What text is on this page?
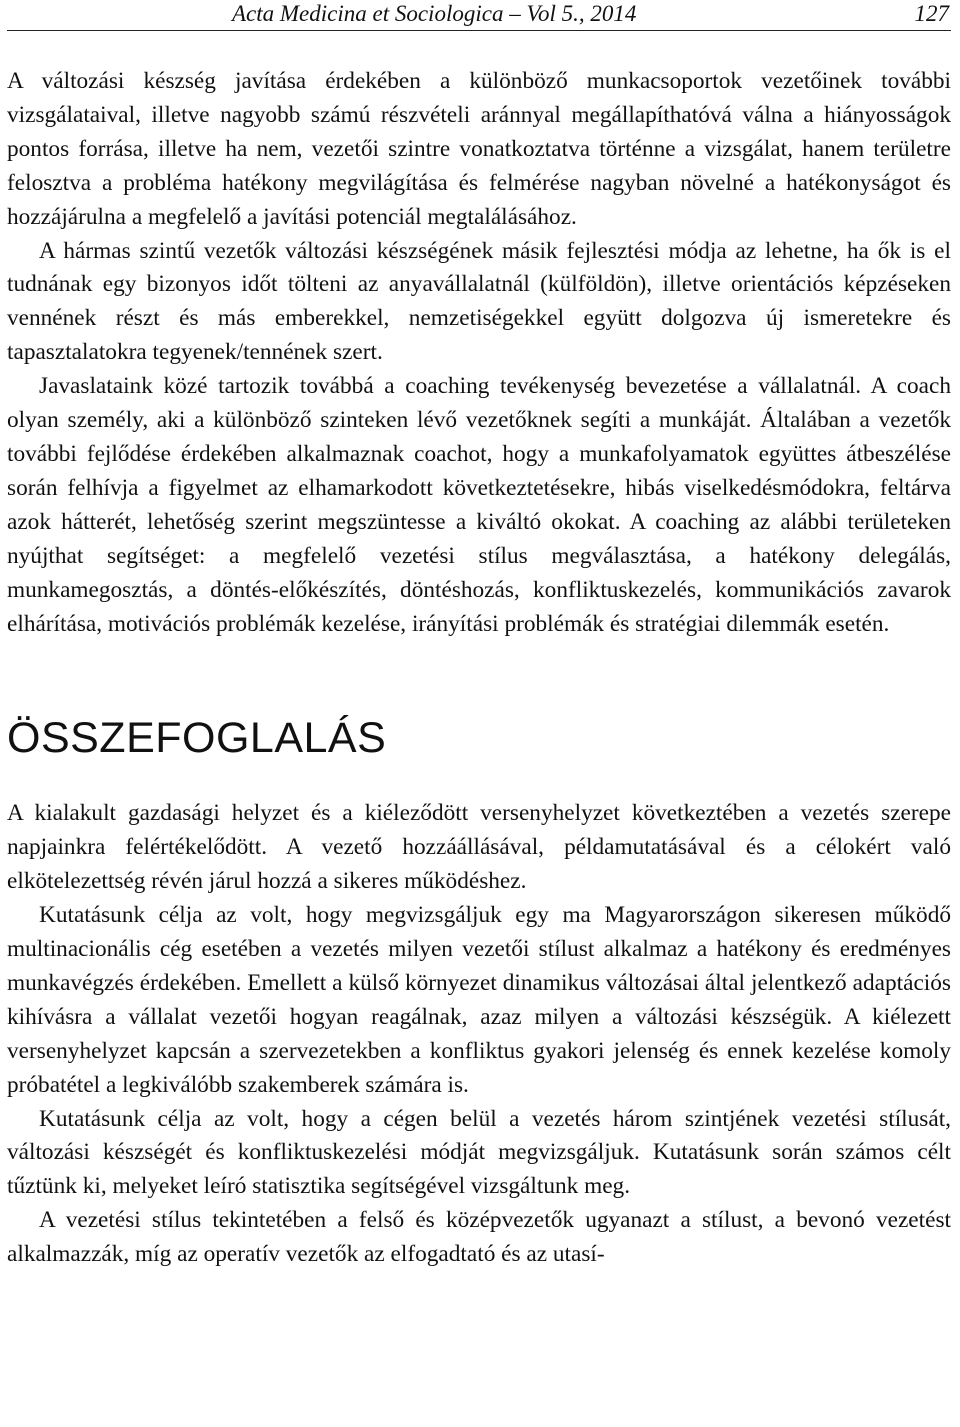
Acta Medicina et Sociologica – Vol 5., 2014	127

A változási készség javítása érdekében a különböző munkacsoportok vezetőinek további vizsgálataival, illetve nagyobb számú részvételi aránnyal megállapíthatóvá válna a hiányosságok pontos forrása, illetve ha nem, vezetői szintre vonatkoztatva történne a vizsgálat, hanem területre felosztva a probléma hatékony megvilágítása és felmérése nagyban növelné a hatékonyságot és hozzájárulna a megfelelő a javítási potenciál megtalálásához.

A hármas szintű vezetők változási készségének másik fejlesztési módja az lehetne, ha ők is el tudnának egy bizonyos időt tölteni az anyavállalatnál (külföldön), illetve orientációs képzéseken vennének részt és más emberekkel, nemzetiségekkel együtt dolgozva új ismeretekre és tapasztalatokra tegyenek/tennének szert.

Javaslataink közé tartozik továbbá a coaching tevékenység bevezetése a vállalatnál. A coach olyan személy, aki a különböző szinteken lévő vezetőknek segíti a munkáját. Általában a vezetők további fejlődése érdekében alkalmaznak coachot, hogy a munkafolyamatok együttes átbeszélése során felhívja a figyelmet az elhamarkodott következtetésekre, hibás viselkedésmódokra, feltárva azok hátterét, lehetőség szerint megszüntesse a kiváltó okokat. A coaching az alábbi területeken nyújthat segítséget: a megfelelő vezetési stílus megválasztása, a hatékony delegálás, munkamegosztás, a döntés-előkészítés, döntéshozás, konfliktuskezelés, kommunikációs zavarok elhárítása, motivációs problémák kezelése, irányítási problémák és stratégiai dilemmák esetén.

ÖSSZEFOGLALÁS

A kialakult gazdasági helyzet és a kiéleződött versenyhelyzet következtében a vezetés szerepe napjainkra felértékelődött. A vezető hozzáállásával, példamutatásával és a célokért való elkötelezettség révén járul hozzá a sikeres működéshez.

Kutatásunk célja az volt, hogy megvizsgáljuk egy ma Magyarországon sikeresen működő multinacionális cég esetében a vezetés milyen vezetői stílust alkalmaz a hatékony és eredményes munkavégzés érdekében. Emellett a külső környezet dinamikus változásai által jelentkező adaptációs kihívásra a vállalat vezetői hogyan reagálnak, azaz milyen a változási készségük. A kiélezett versenyhelyzet kapcsán a szervezetekben a konfliktus gyakori jelenség és ennek kezelése komoly próbatétel a legkiválóbb szakemberek számára is.

Kutatásunk célja az volt, hogy a cégen belül a vezetés három szintjének vezetési stílusát, változási készségét és konfliktuskezelési módját megvizsgáljuk. Kutatásunk során számos célt tűztünk ki, melyeket leíró statisztika segítségével vizsgáltunk meg.

A vezetési stílus tekintetében a felső és középvezetők ugyanazt a stílust, a bevonó vezetést alkalmazzák, míg az operatív vezetők az elfogadtató és az utasí-
